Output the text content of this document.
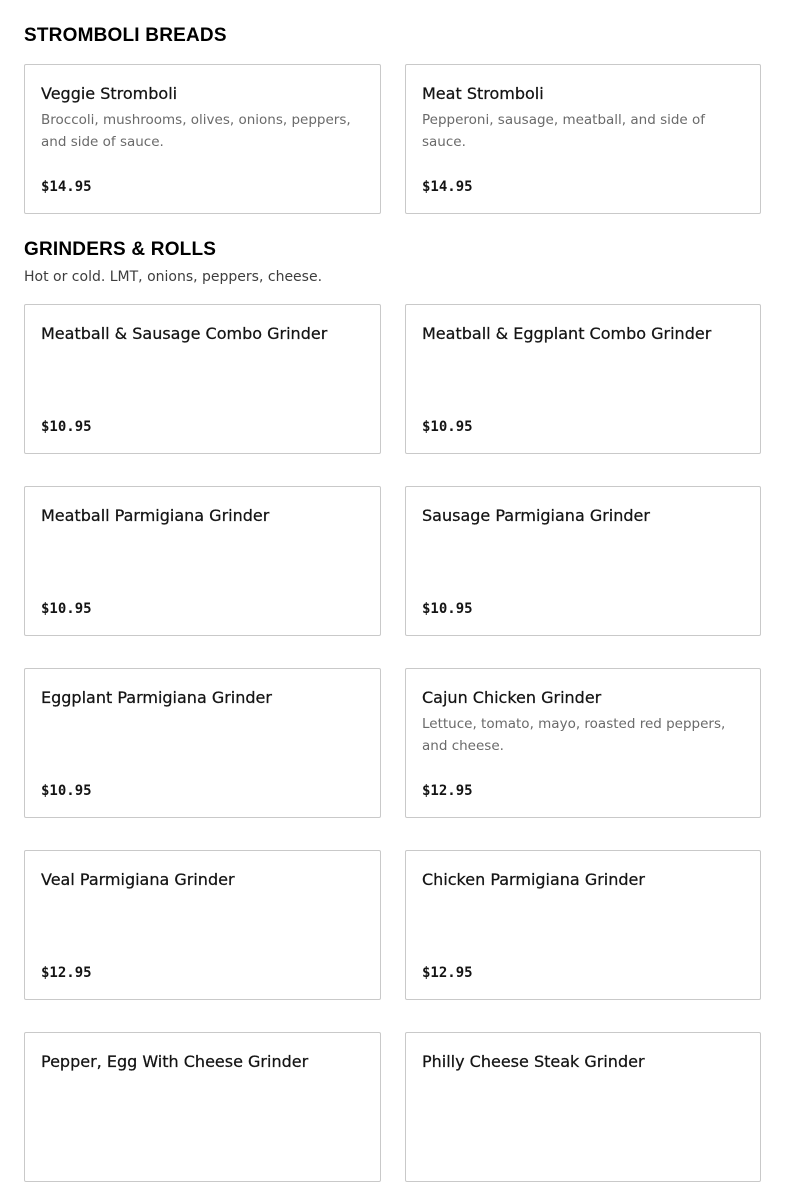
STROMBOLI BREADS
Veggie Stromboli
Broccoli, mushrooms, olives, onions, peppers, and side of sauce.
$14.95
Meat Stromboli
Pepperoni, sausage, meatball, and side of sauce.
$14.95
GRINDERS & ROLLS

Hot or cold. LMT, onions, peppers, cheese.

Meatball & Sausage Combo Grinder
$10.95
Meatball & Eggplant Combo Grinder
$10.95
Meatball Parmigiana Grinder
$10.95
Sausage Parmigiana Grinder
$10.95
Eggplant Parmigiana Grinder
$10.95
Cajun Chicken Grinder
Lettuce, tomato, mayo, roasted red peppers, and cheese.
$12.95
Veal Parmigiana Grinder
$12.95
Chicken Parmigiana Grinder
$12.95
Pepper, Egg With Cheese Grinder	Philly Cheese Steak Grinder
